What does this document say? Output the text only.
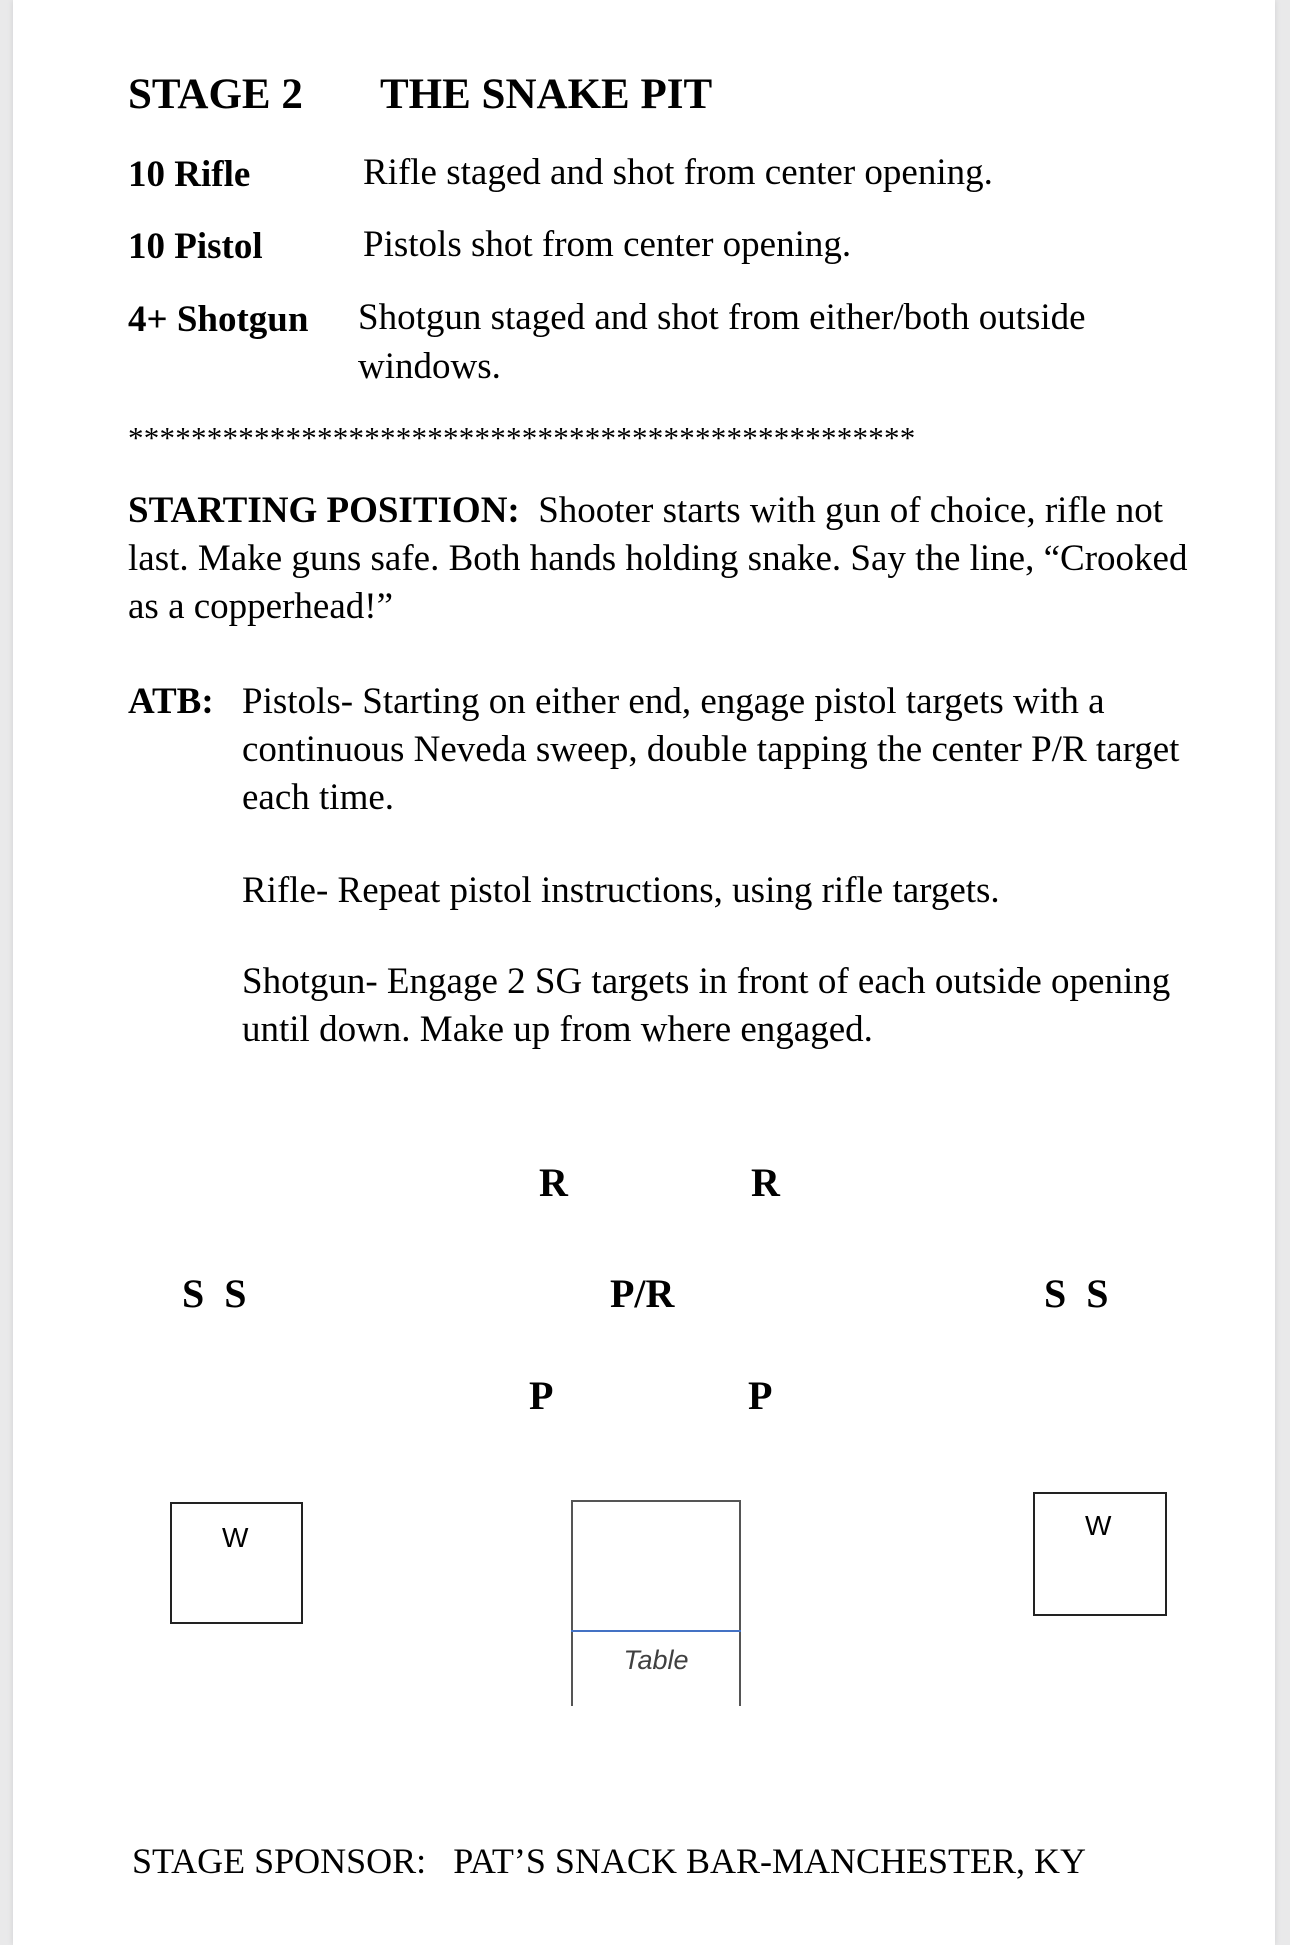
STAGE 2 THE SNAKE PIT
10 Rifle	Rifle staged and shot from center opening.
10 Pistol	Pistols shot from center opening.
4+ Shotgun Shotgun staged and shot from either/both outside
windows.
**************************************************
STARTING POSITION: Shooter starts with gun of choice, rifle not last. Make guns safe. Both hands holding snake. Say the line, “Crooked as a copperhead!”
ATB: Pistols- Starting on either end, engage pistol targets with a continuous Neveda sweep, double tapping the center P/R target each time.
Rifle- Repeat pistol instructions, using rifle targets.
Shotgun- Engage 2 SG targets in front of each outside opening until down. Make up from where engaged.
R	R
S  S	P/R	S  S
P	P
W
Table
W
STAGE SPONSOR:   PAT’S SNACK BAR-MANCHESTER, KY
